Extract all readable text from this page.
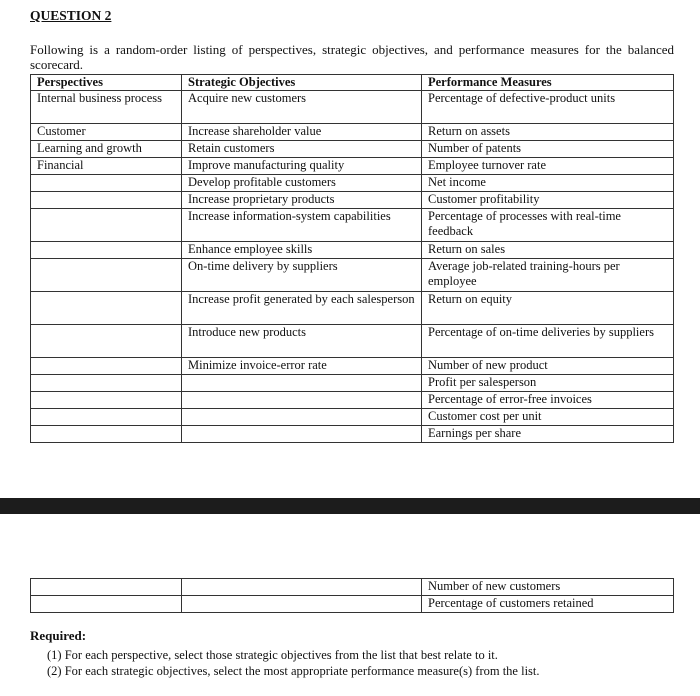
QUESTION 2
Following is a random-order listing of perspectives, strategic objectives, and performance measures for the balanced scorecard.
Perspectives	Strategic Objectives	Performance Measures
Internal business process	Acquire new customers	Percentage of defective-product units
Customer	Increase shareholder value	Return on assets
Learning and growth	Retain customers	Number of patents
Financial	Improve manufacturing quality	Employee turnover rate
	Develop profitable customers	Net income
	Increase proprietary products	Customer profitability
	Increase information-system capabilities	Percentage of processes with real-time feedback
	Enhance employee skills	Return on sales
	On-time delivery by suppliers	Average job-related training-hours per employee
	Increase profit generated by each salesperson	Return on equity
	Introduce new products	Percentage of on-time deliveries by suppliers
	Minimize invoice-error rate	Number of new product
		Profit per salesperson
		Percentage of error-free invoices
		Customer cost per unit
		Earnings per share
		Number of new customers
		Percentage of customers retained
Required:
(1) For each perspective, select those strategic objectives from the list that best relate to it.
(2) For each strategic objectives, select the most appropriate performance measure(s) from the list.
